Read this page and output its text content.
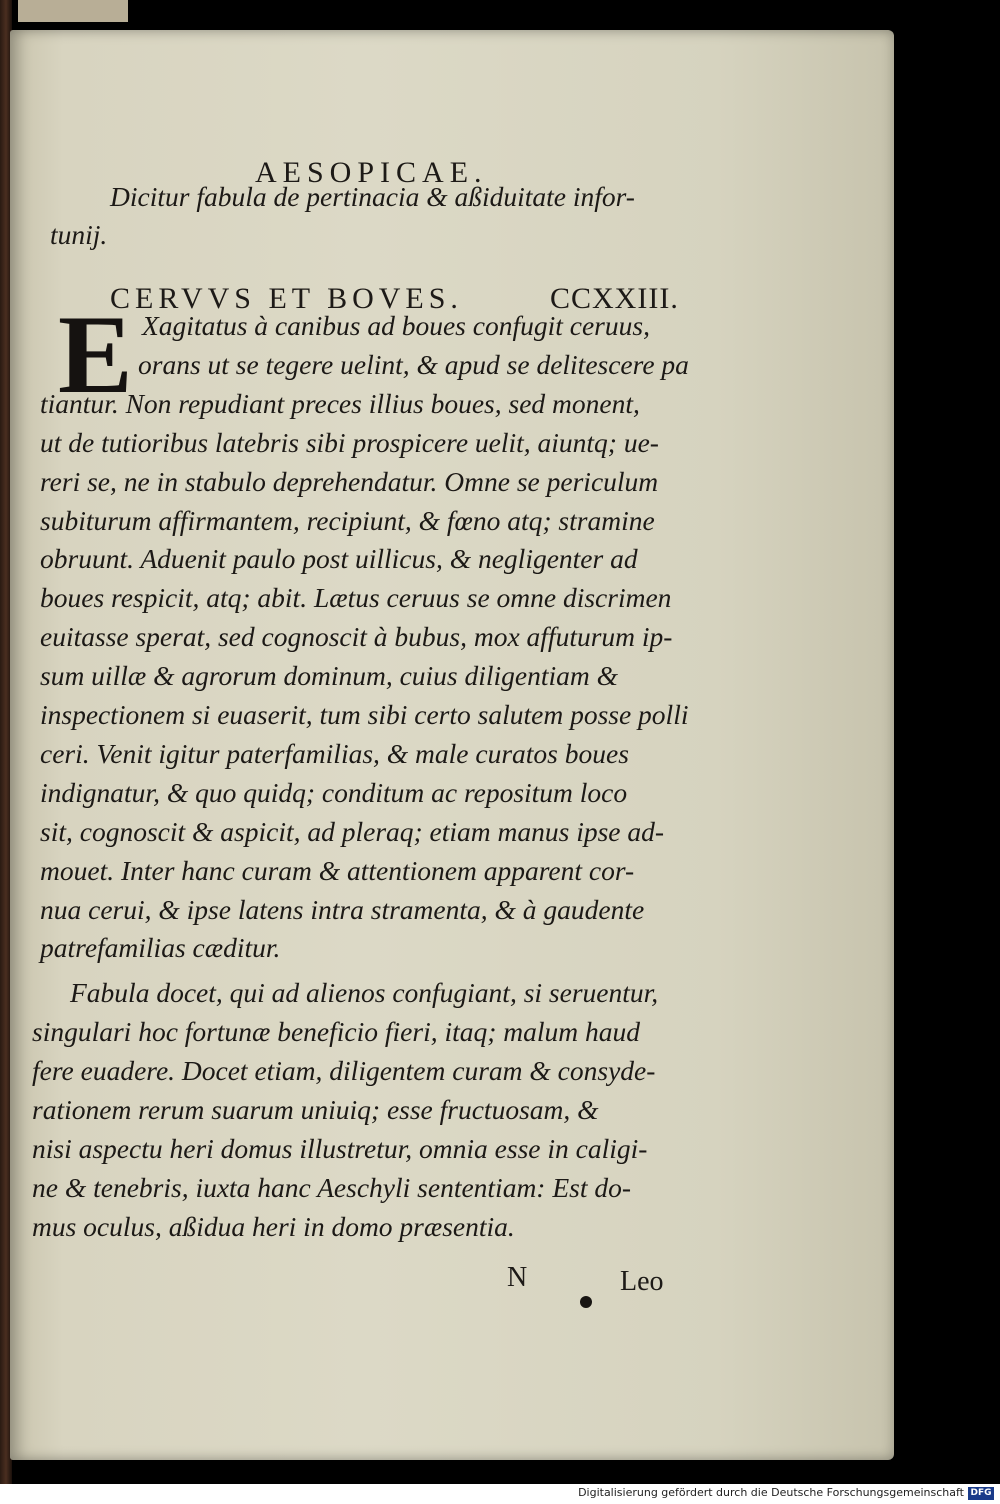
AESOPICAE.
Dicitur fabula de pertinacia & aßiduitate infor-
tunij.
CERVVS ET BOVES.	CCXXIII.
E
N	Leo
Xagitatus à canibus ad boues confugit ceruus,
orans ut se tegere uelint, & apud se delitescere pa
tiantur. Non repudiant preces illius boues, sed monent,
ut de tutioribus latebris sibi prospicere uelit, aiuntq; ue-
reri se, ne in stabulo deprehendatur. Omne se periculum
subiturum affirmantem, recipiunt, & fœno atq; stramine
obruunt. Aduenit paulo post uillicus, & negligenter ad
boues respicit, atq; abit. Lætus ceruus se omne discrimen
euitasse sperat, sed cognoscit à bubus, mox affuturum ip-
sum uillæ & agrorum dominum, cuius diligentiam &
inspectionem si euaserit, tum sibi certo salutem posse polli
ceri. Venit igitur paterfamilias, & male curatos boues
indignatur, & quo quidq; conditum ac repositum loco
sit, cognoscit & aspicit, ad pleraq; etiam manus ipse ad-
mouet. Inter hanc curam & attentionem apparent cor-
nua cerui, & ipse latens intra stramenta, & à gaudente
patrefamilias cæditur.
Fabula docet, qui ad alienos confugiant, si seruentur,
singulari hoc fortunæ beneficio fieri, itaq; malum haud
fere euadere. Docet etiam, diligentem curam & consyde-
rationem rerum suarum uniuiq; esse fructuosam, &
nisi aspectu heri domus illustretur, omnia esse in caligi-
ne & tenebris, iuxta hanc Aeschyli sententiam: Est do-
mus oculus, aßidua heri in domo præsentia.
Digitalisierung gefördert durch die Deutsche Forschungsgemeinschaft DFG
